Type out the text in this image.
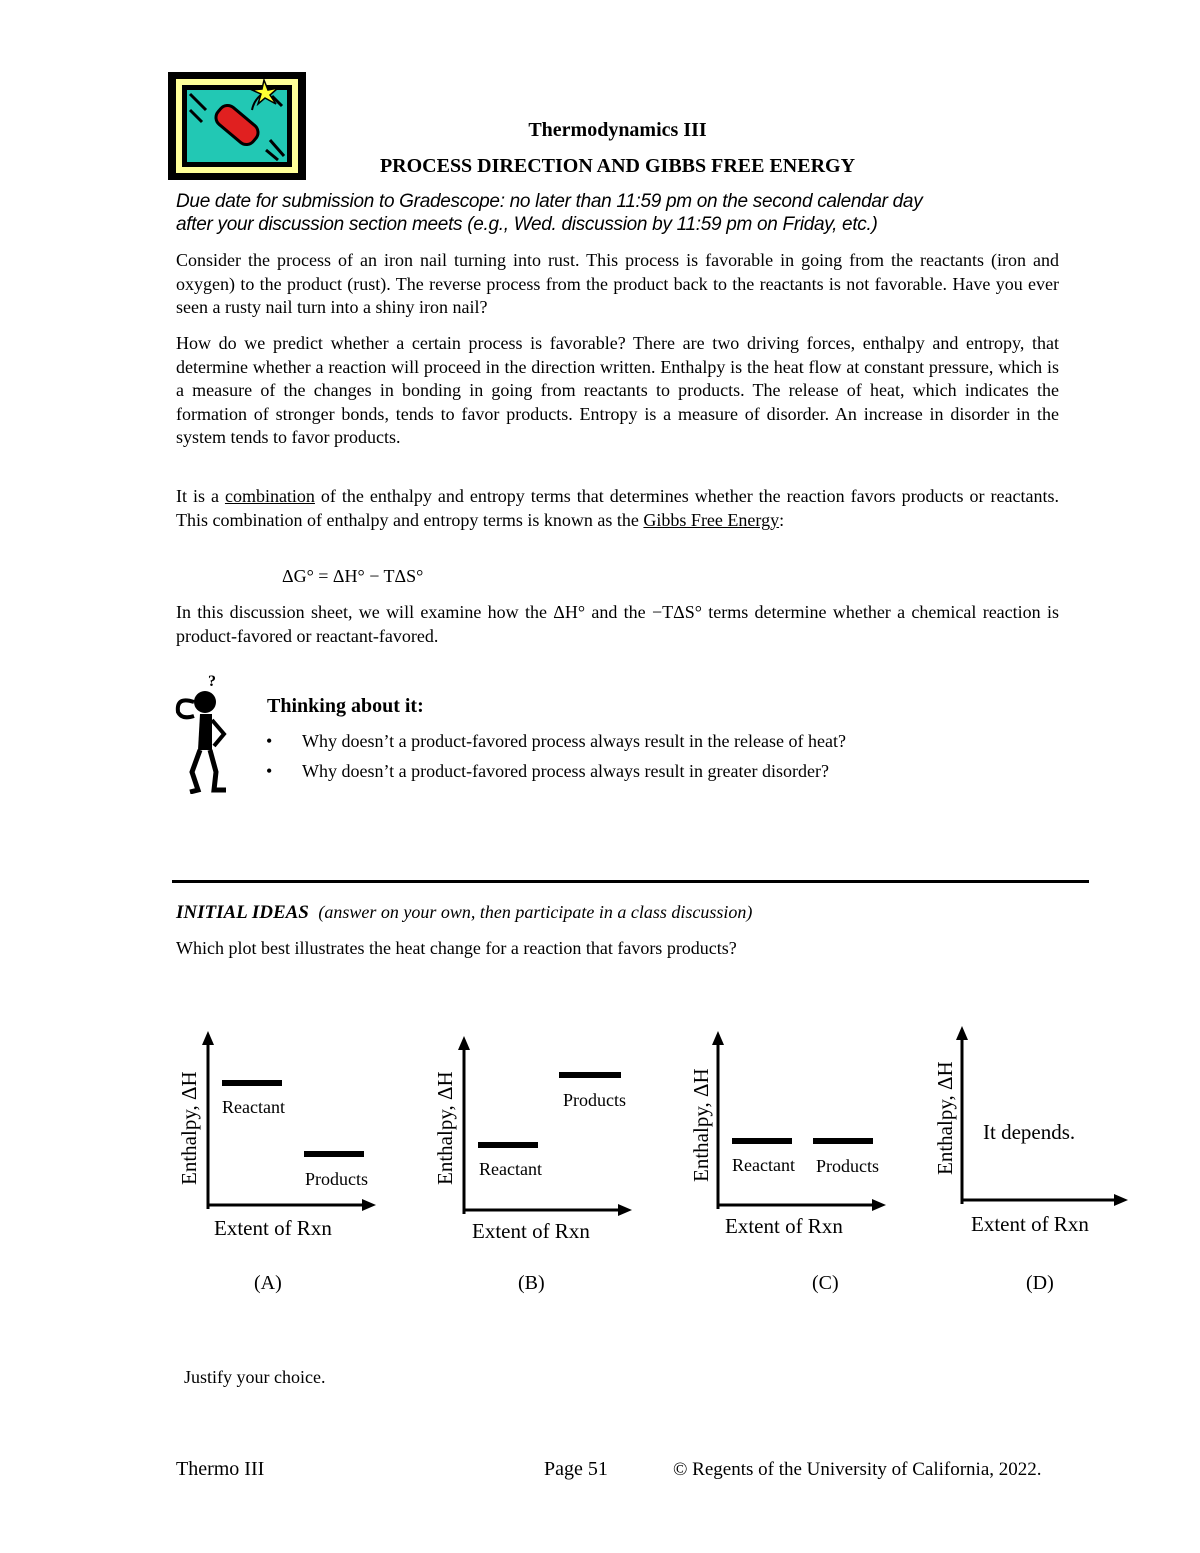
Thermodynamics III
PROCESS DIRECTION AND GIBBS FREE ENERGY
Due date for submission to Gradescope: no later than 11:59 pm on the second calendar day
after your discussion section meets (e.g., Wed. discussion by 11:59 pm on Friday, etc.)

Consider the process of an iron nail turning into rust. This process is favorable in going from the reactants (iron and oxygen) to the product (rust). The reverse process from the product back to the reactants is not favorable. Have you ever seen a rusty nail turn into a shiny iron nail?

How do we predict whether a certain process is favorable? There are two driving forces, enthalpy and entropy, that determine whether a reaction will proceed in the direction written. Enthalpy is the heat flow at constant pressure, which is a measure of the changes in bonding in going from reactants to products. The release of heat, which indicates the formation of stronger bonds, tends to favor products. Entropy is a measure of disorder. An increase in disorder in the system tends to favor products.

It is a combination of the enthalpy and entropy terms that determines whether the reaction favors products or reactants. This combination of enthalpy and entropy terms is known as the Gibbs Free Energy:

ΔG° = ΔH° − TΔS°

In this discussion sheet, we will examine how the ΔH° and the −TΔS° terms determine whether a chemical reaction is product-favored or reactant-favored.

?
Thinking about it:
• Why doesn’t a product-favored process always result in the release of heat?
• Why doesn’t a product-favored process always result in greater disorder?
INITIAL IDEAS (answer on your own, then participate in a class discussion)
Which plot best illustrates the heat change for a reaction that favors products?
Reactant
Products
Enthalpy, ΔH
Extent of Rxn
Reactant
Products
Enthalpy, ΔH
Extent of Rxn
Reactant Products
Enthalpy, ΔH
Extent of Rxn
It depends.
Enthalpy, ΔH
Extent of Rxn
(A)	(B)	(C)	(D)
Justify your choice.
Thermo III	Page 51	© Regents of the University of California, 2022.
